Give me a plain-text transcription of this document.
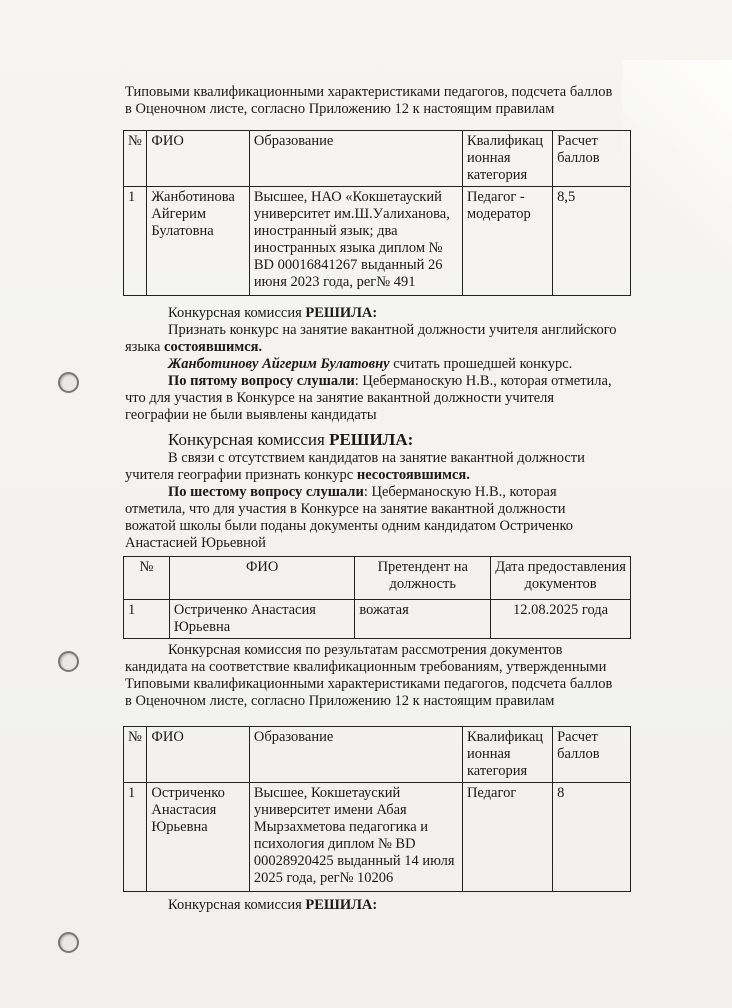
Типовыми квалификационными характеристиками педагогов, подсчета баллов
в Оценочном листе, согласно Приложению 12 к настоящим правилам
№	ФИО	Образование	Квалификац ионная категория	Расчет баллов
1	Жанботинова Айгерим Булатовна	Высшее, НАО «Кокшетауский университет им.Ш.Уалиханова, иностранный язык; два иностранных языка диплом № BD 00016841267 выданный 26 июня 2023 года, рег№ 491	Педагог - модератор	8,5
Конкурсная комиссия РЕШИЛА:
Признать конкурс на занятие вакантной должности учителя английского
языка состоявшимся.
Жанботинову Айгерим Булатовну считать прошедшей конкурс.
По пятому вопросу слушали: Цеберманоскую Н.В., которая отметила,
что для участия в Конкурсе на занятие вакантной должности учителя
географии не были выявлены кандидаты
Конкурсная комиссия РЕШИЛА:
В связи с отсутствием кандидатов на занятие вакантной должности
учителя географии признать конкурс несостоявшимся.
По шестому вопросу слушали: Цеберманоскую Н.В., которая
отметила, что для участия в Конкурсе на занятие вакантной должности
вожатой школы были поданы документы одним кандидатом Остриченко
Анастасией Юрьевной
№	ФИО	Претендент на должность	Дата предоставления документов
1	Остриченко Анастасия Юрьевна	вожатая	12.08.2025 года
Конкурсная комиссия по результатам рассмотрения документов
кандидата на соответствие квалификационным требованиям, утвержденными
Типовыми квалификационными характеристиками педагогов, подсчета баллов
в Оценочном листе, согласно Приложению 12 к настоящим правилам
№	ФИО	Образование	Квалификац ионная категория	Расчет баллов
1	Остриченко Анастасия Юрьевна	Высшее, Кокшетауский университет имени Абая Мырзахметова педагогика и психология диплом № BD 00028920425 выданный 14 июля 2025 года, рег№ 10206	Педагог	8
Конкурсная комиссия РЕШИЛА:
